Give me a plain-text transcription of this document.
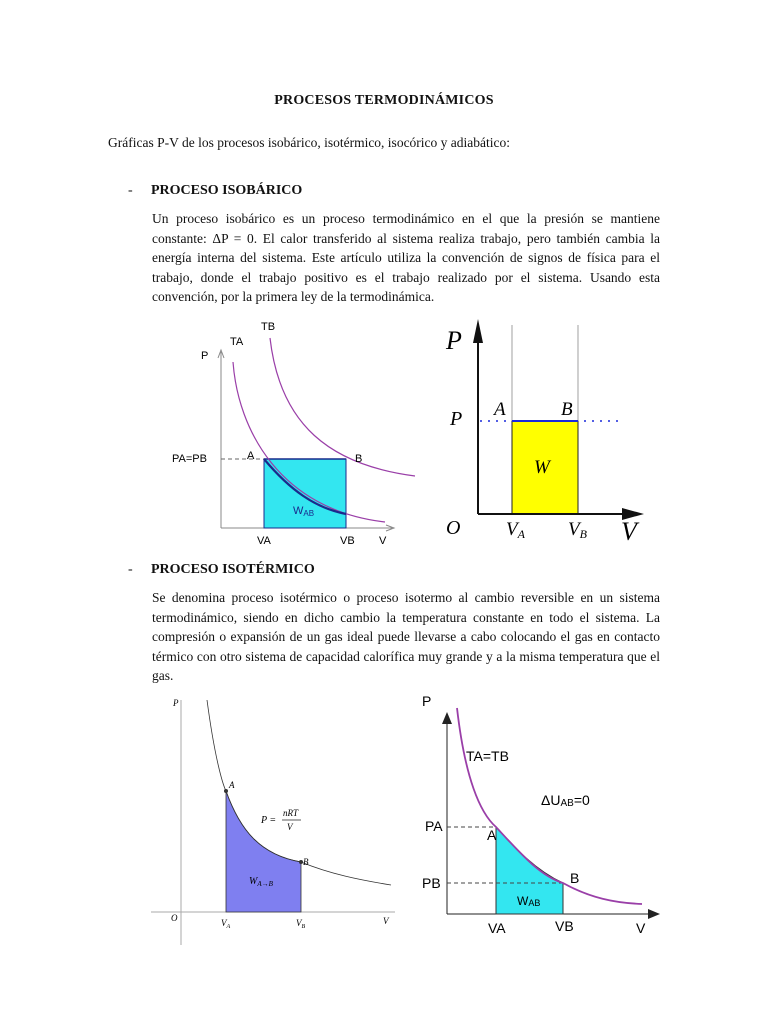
PROCESOS TERMODINÁMICOS
Gráficas P-V de los procesos isobárico, isotérmico, isocórico y adiabático:
- PROCESO ISOBÁRICO
Un proceso isobárico es un proceso termodinámico en el que la presión se mantiene constante: ΔP = 0. El calor transferido al sistema realiza trabajo, pero también cambia la energía interna del sistema. Este artículo utiliza la convención de signos de física para el trabajo, donde el trabajo positivo es el trabajo realizado por el sistema. Usando esta convención, por la primera ley de la termodinámica.
P
TA
TB
PA=PB	A	B
WAB
VA	VB V
P
P A	B
W
O VA VB V
- PROCESO ISOTÉRMICO
Se denomina proceso isotérmico o proceso isotermo al cambio reversible en un sistema termodinámico, siendo en dicho cambio la temperatura constante en todo el sistema. La compresión o expansión de un gas ideal puede llevarse a cabo colocando el gas en contacto térmico con otro sistema de capacidad calorífica muy grande y a la misma temperatura que el gas.
P
A
B
P =
nRT
V
$W_{A\to B}$
O	$V_A$	$V_B$
V
P
TA=TB
ΔUAB=0
PA
PB
A
B
WAB
VA	VB	V
